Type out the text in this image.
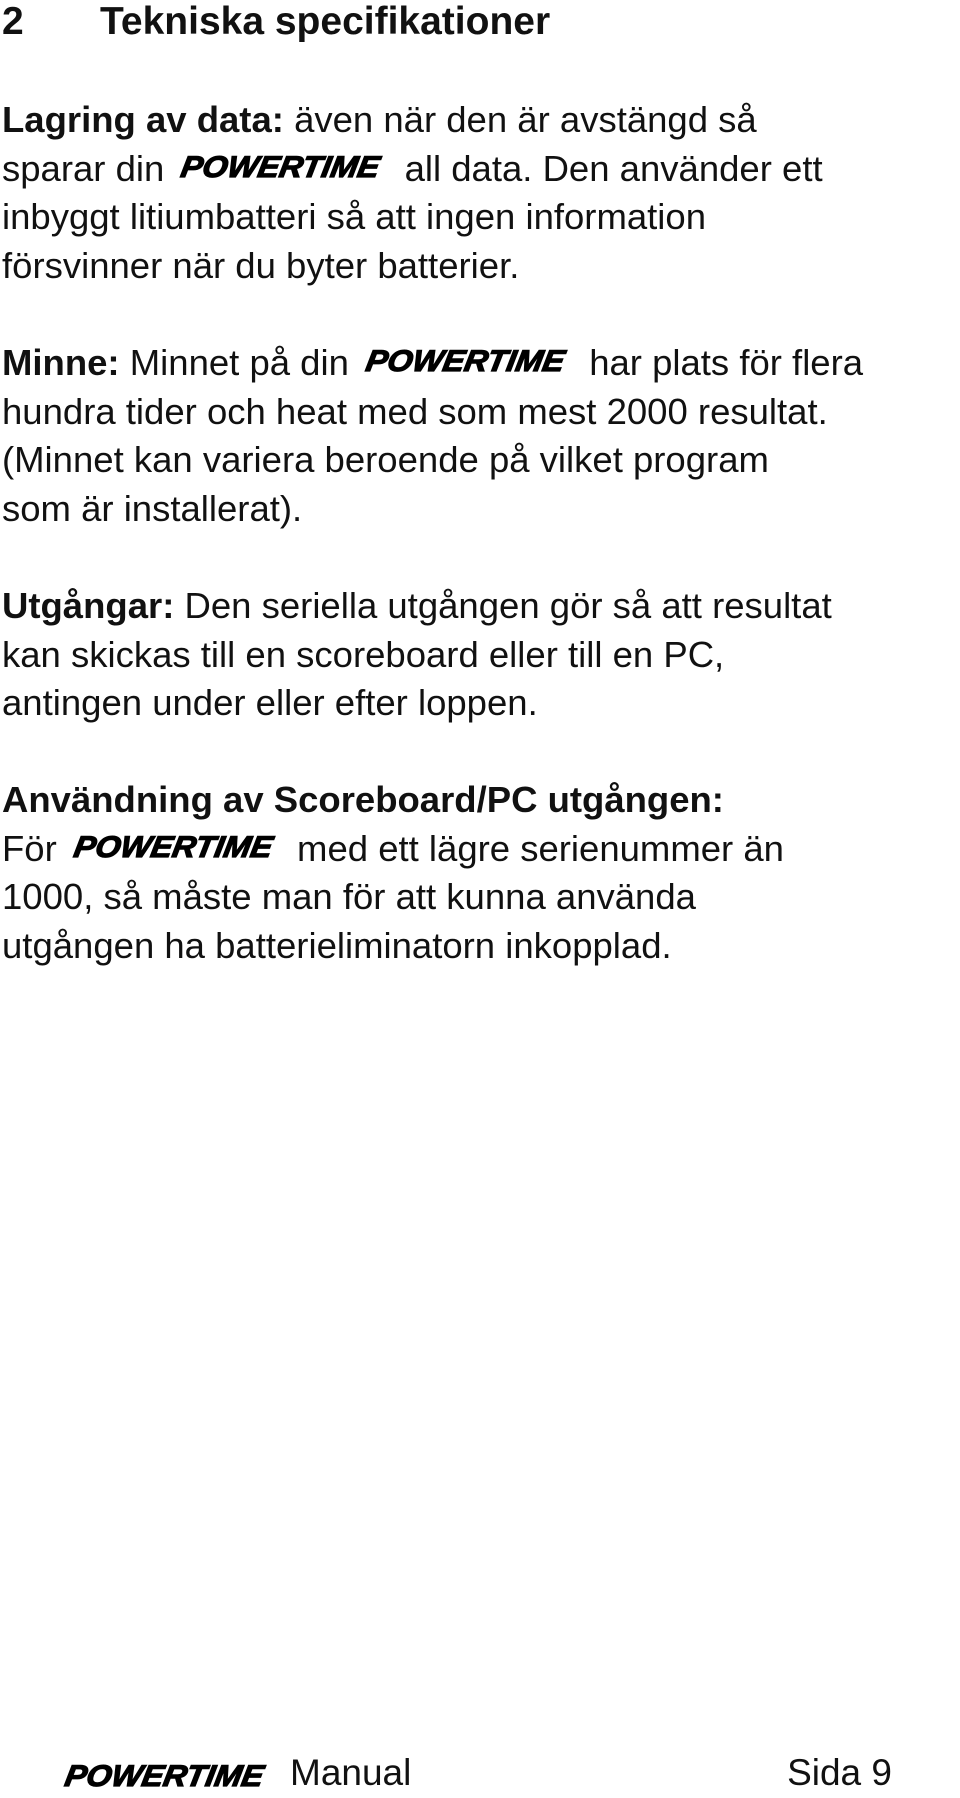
2 Tekniska specifikationer
Lagring av data: även när den är avstängd så
sparar din	all data. Den använder ett
inbyggt litiumbatteri så att ingen information
försvinner när du byter batterier.
Minne: Minnet på din	har plats för flera
hundra tider och heat med som mest 2000 resultat.
(Minnet kan variera beroende på vilket program
som är installerat).
Utgångar: Den seriella utgången gör så att resultat
kan skickas till en scoreboard eller till en PC,
antingen under eller efter loppen.
Användning av Scoreboard/PC utgången:
För	med ett lägre serienummer än
1000, så måste man för att kunna använda
utgången ha batterieliminatorn inkopplad.
Manual	Sida 9
